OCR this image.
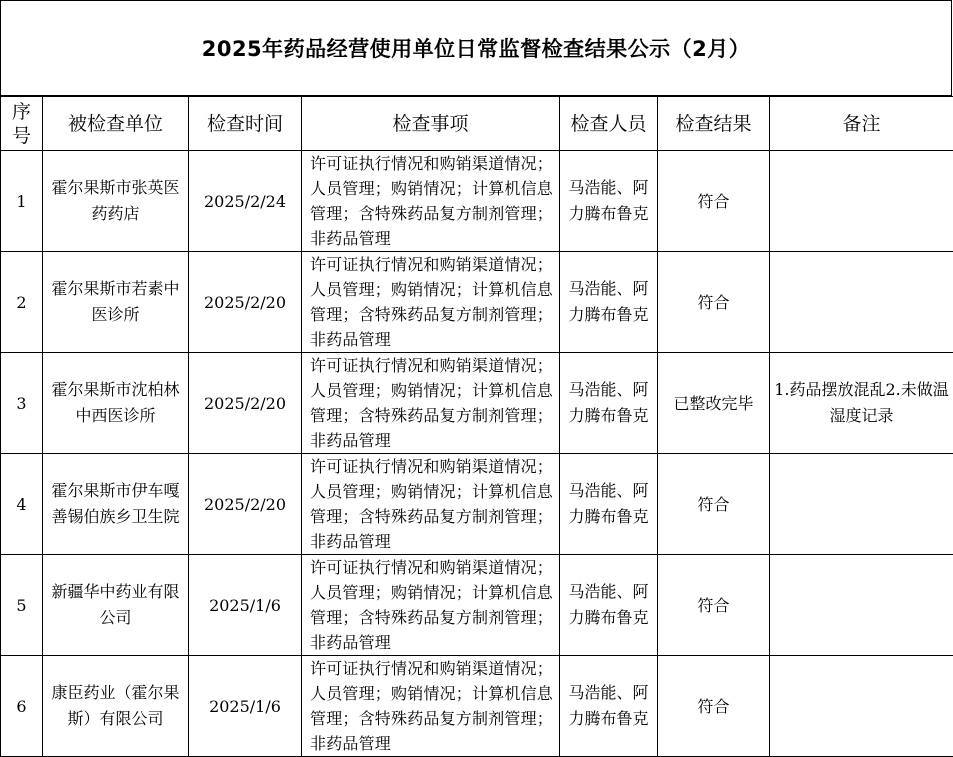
2025年药品经营使用单位日常监督检查结果公示（2月）
序号	被检查单位	检查时间	检查事项	检查人员	检查结果	备注
1	霍尔果斯市张英医药药店	2025/2/24	许可证执行情况和购销渠道情况；人员管理；购销情况；计算机信息管理；含特殊药品复方制剂管理；非药品管理	马浩能、阿力腾布鲁克	符合	
2	霍尔果斯市若素中医诊所	2025/2/20	许可证执行情况和购销渠道情况；人员管理；购销情况；计算机信息管理；含特殊药品复方制剂管理；非药品管理	马浩能、阿力腾布鲁克	符合	
3	霍尔果斯市沈柏林中西医诊所	2025/2/20	许可证执行情况和购销渠道情况；人员管理；购销情况；计算机信息管理；含特殊药品复方制剂管理；非药品管理	马浩能、阿力腾布鲁克	已整改完毕	1.药品摆放混乱2.未做温湿度记录
4	霍尔果斯市伊车嘎善锡伯族乡卫生院	2025/2/20	许可证执行情况和购销渠道情况；人员管理；购销情况；计算机信息管理；含特殊药品复方制剂管理；非药品管理	马浩能、阿力腾布鲁克	符合	
5	新疆华中药业有限公司	2025/1/6	许可证执行情况和购销渠道情况；人员管理；购销情况；计算机信息管理；含特殊药品复方制剂管理；非药品管理	马浩能、阿力腾布鲁克	符合	
6	康臣药业（霍尔果斯）有限公司	2025/1/6	许可证执行情况和购销渠道情况；人员管理；购销情况；计算机信息管理；含特殊药品复方制剂管理；非药品管理	马浩能、阿力腾布鲁克	符合	
